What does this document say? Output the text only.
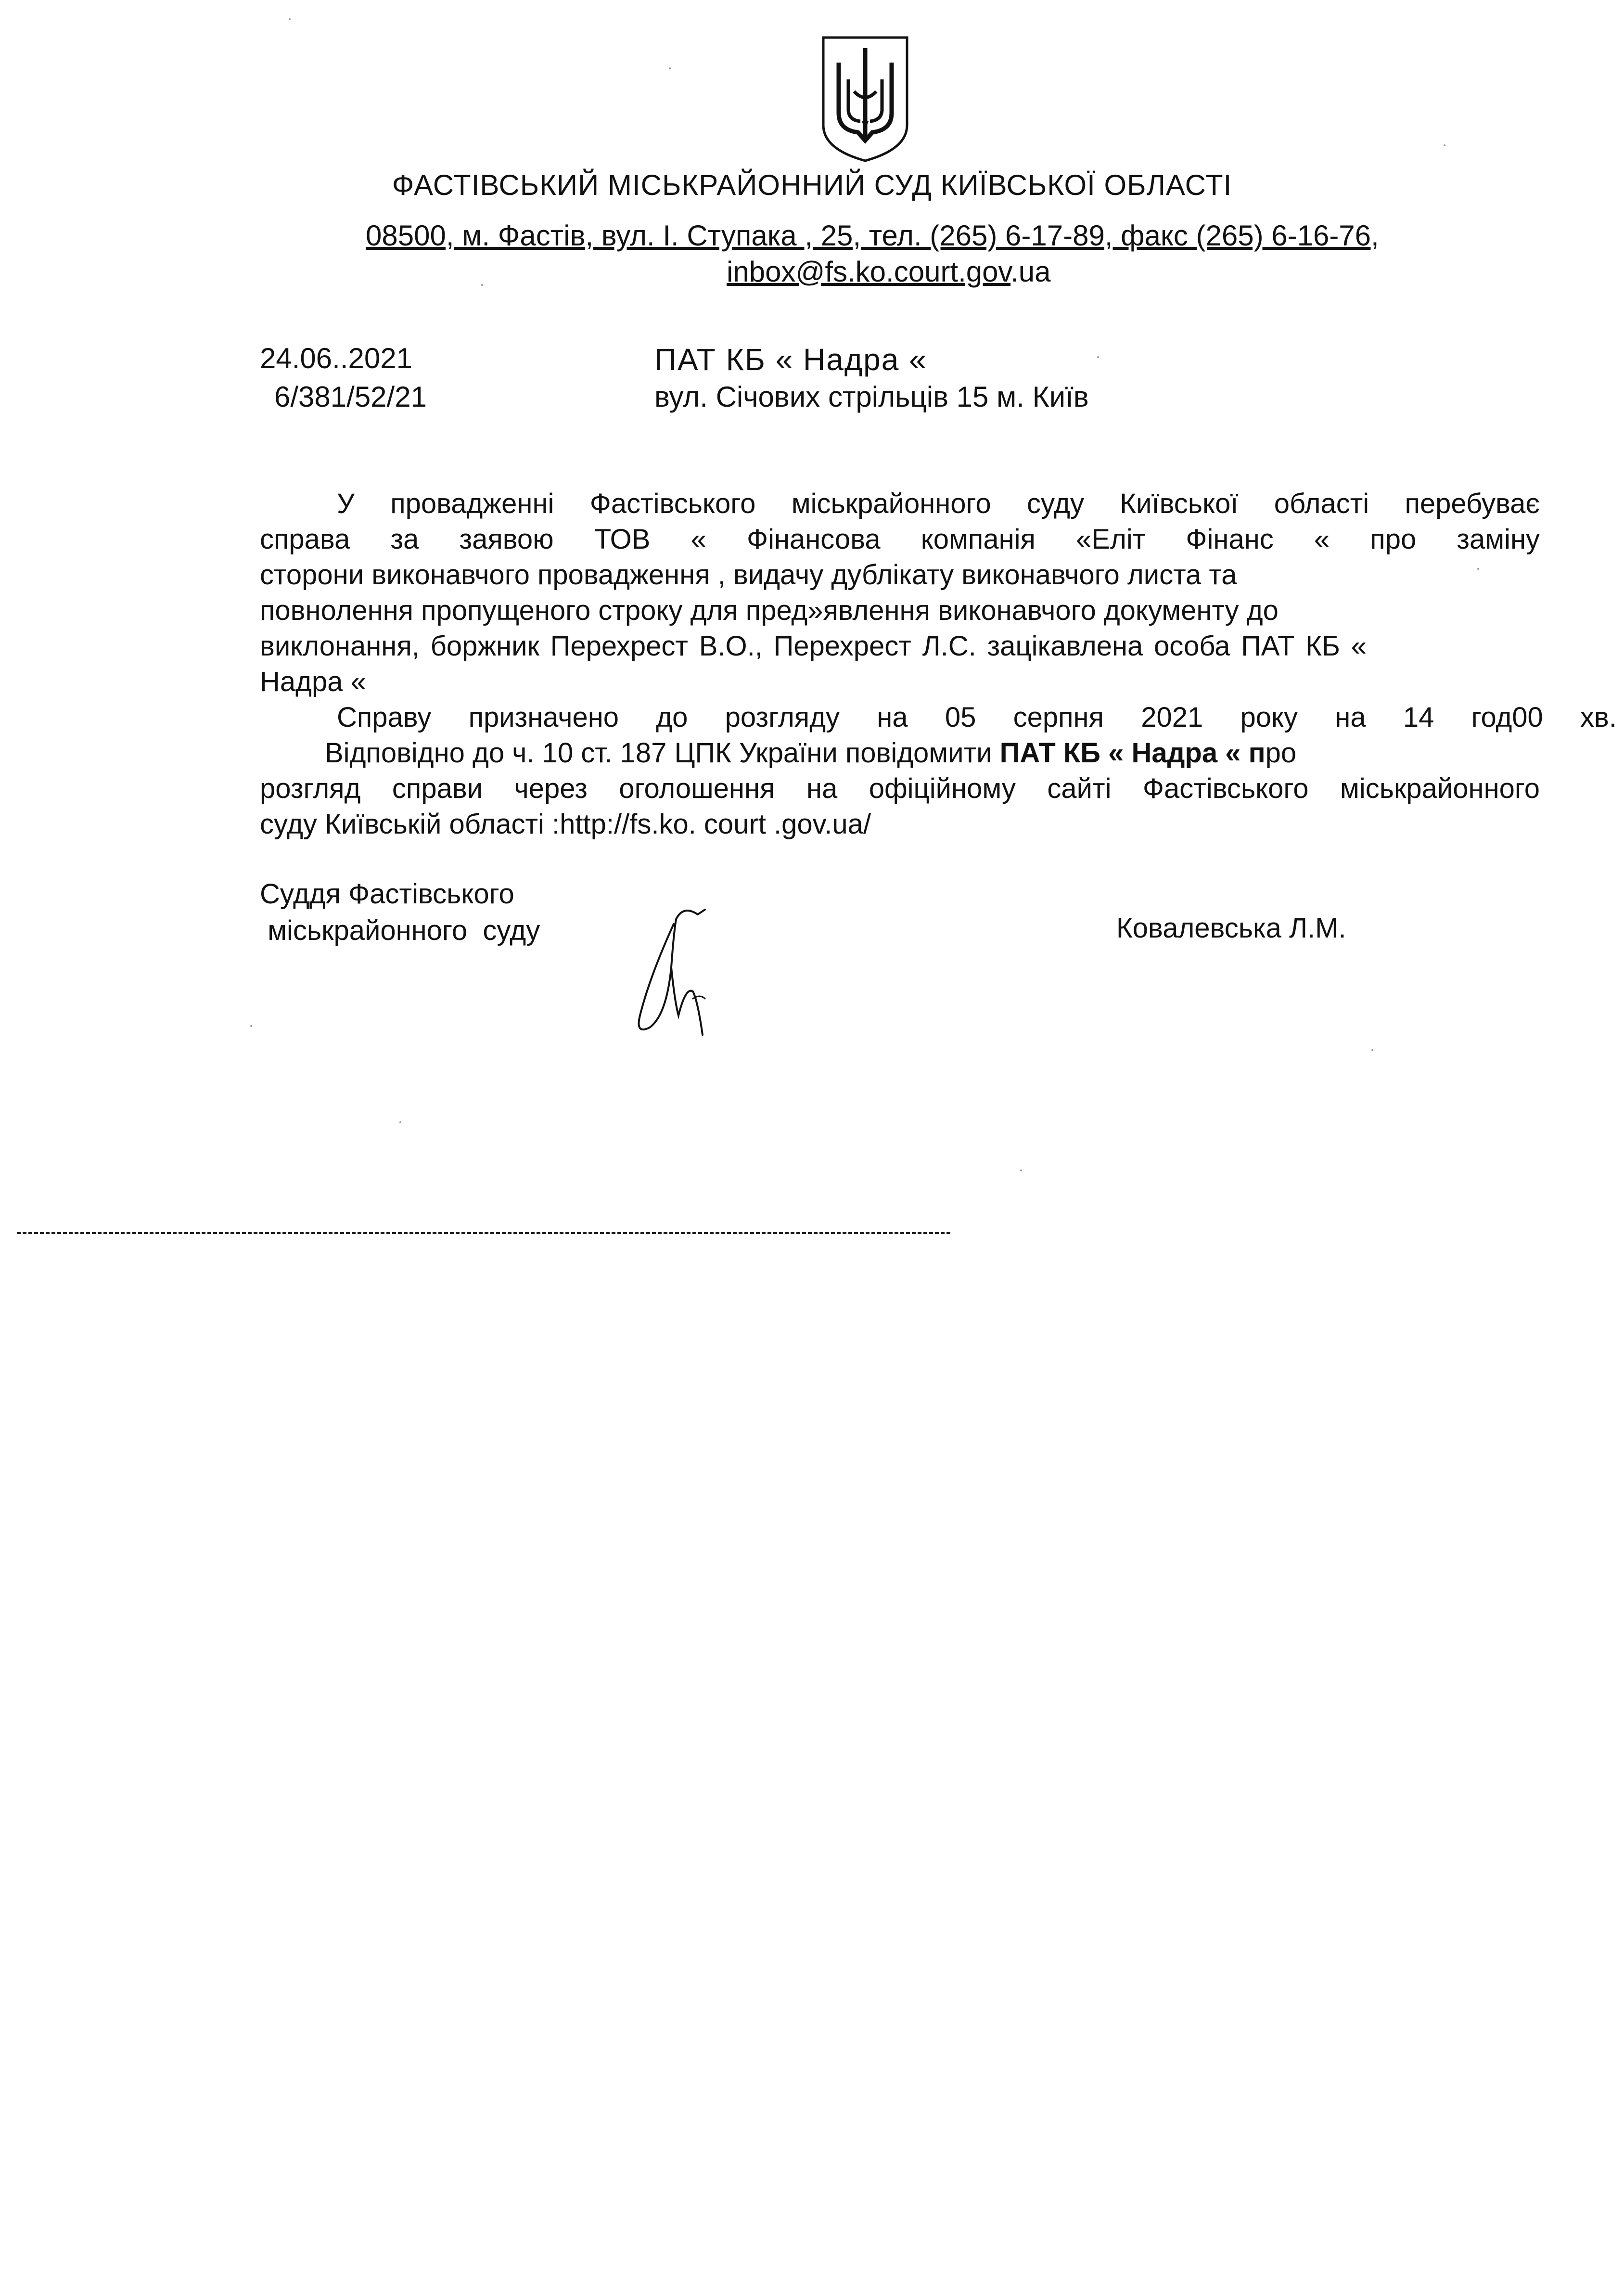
ФАСТІВСЬКИЙ МІСЬКРАЙОННИЙ СУД КИЇВСЬКОЇ ОБЛАСТІ
08500, м. Фастів, вул. І. Ступака , 25, тел. (265) 6-17-89, факс (265) 6-16-76,
inbox@fs.ko.court.gov.ua
24.06..2021
6/381/52/21
ПАТ КБ « Надра «
вул. Січових стрільців 15 м. Київ
У провадженні Фастівського міськрайонного суду Київської області перебуває
справа за заявою ТОВ « Фінансова компанія «Еліт Фінанс « про заміну
сторони виконавчого провадження , видачу дублікату виконавчого листа та
повнолення пропущеного строку для пред»явлення виконавчого документу до
виклонання, боржник Перехрест В.О., Перехрест Л.С. зацікавлена особа ПАТ КБ «
Надра «
Справу призначено до розгляду на 05 серпня 2021 року на 14 год00 хв.
Відповідно до ч. 10 ст. 187 ЦПК України повідомити ПАТ КБ « Надра « про
розгляд справи через оголошення на офіційному сайті Фастівського міськрайонного
суду Київській області :http://fs.ko. court .gov.ua/
Суддя Фастівського
міськрайонного  суду	Ковалевська Л.М.
